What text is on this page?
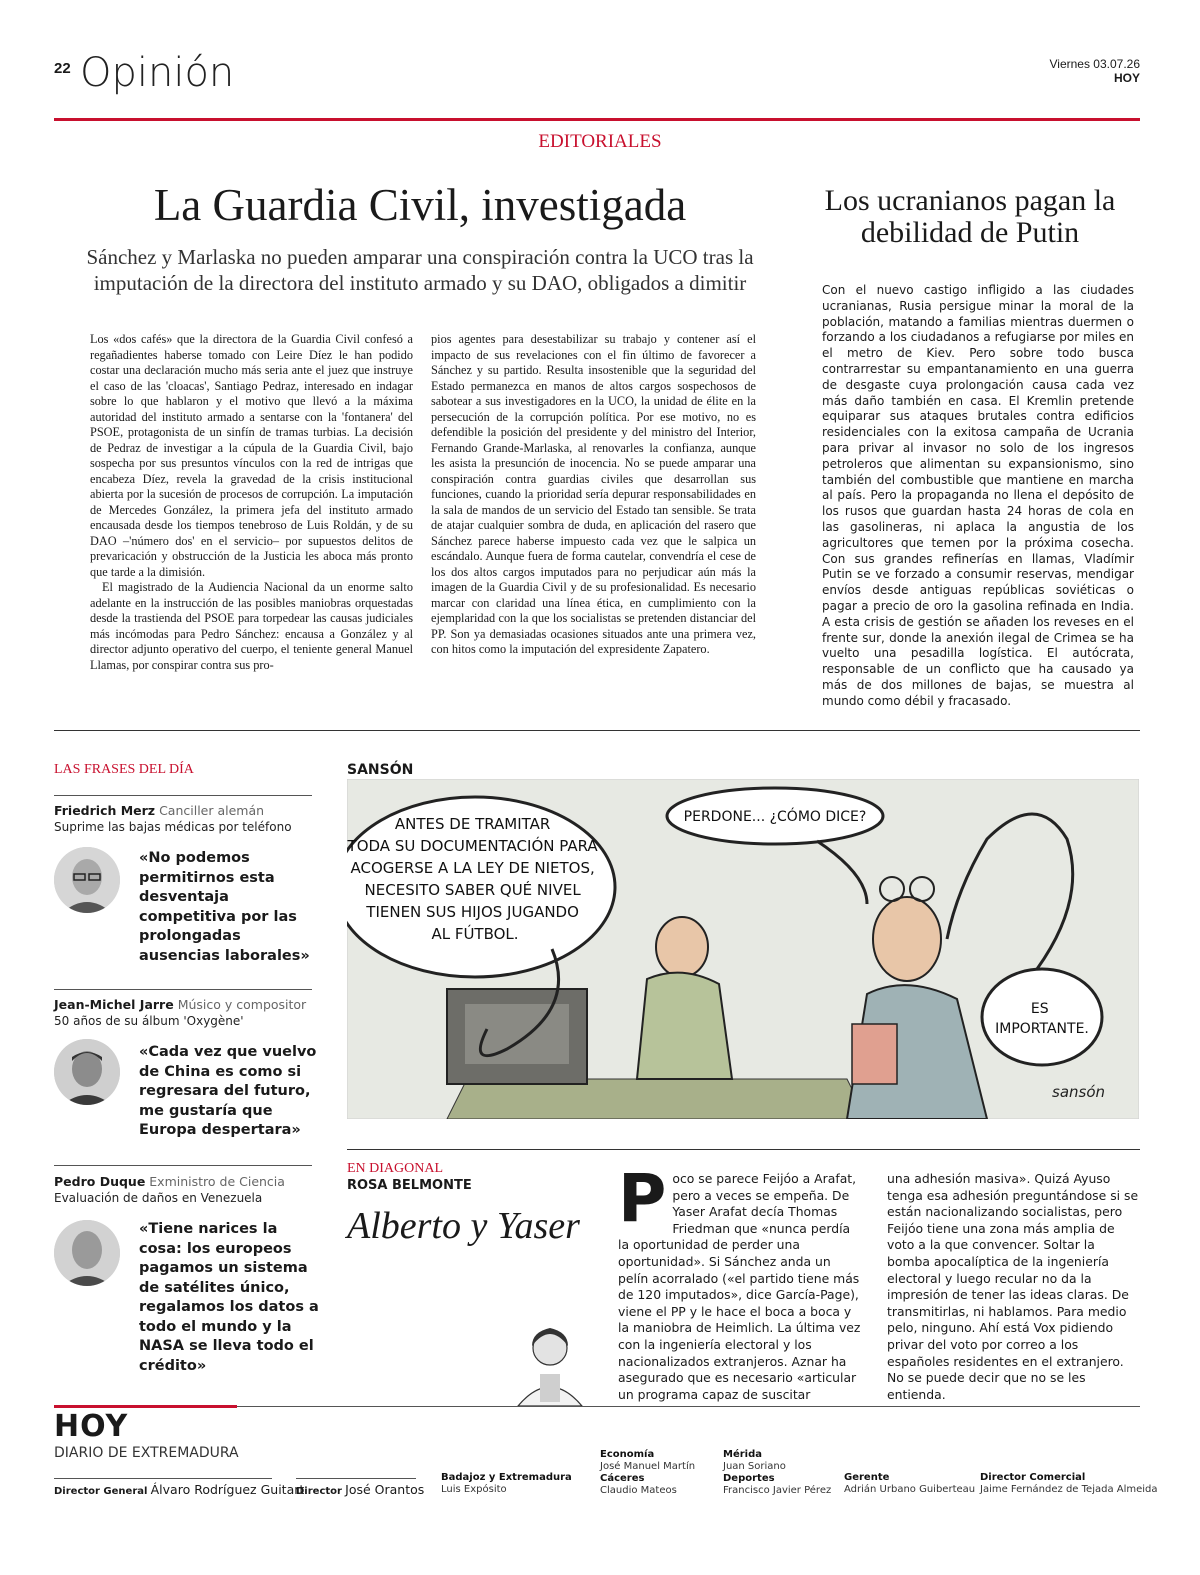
22 Opinión	Viernes 03.07.26
HOY
EDITORIALES
La Guardia Civil, investigada
Sánchez y Marlaska no pueden amparar una conspiración contra la UCO tras la imputación de la directora del instituto armado y su DAO, obligados a dimitir

Los «dos cafés» que la directora de la Guardia Civil confesó a regañadientes haberse tomado con Leire Díez le han podido costar una declaración mucho más seria ante el juez que instruye el caso de las 'cloacas', Santiago Pedraz, interesado en indagar sobre lo que hablaron y el motivo que llevó a la máxima autoridad del instituto armado a sentarse con la 'fontanera' del PSOE, protagonista de un sinfín de tramas turbias. La decisión de Pedraz de investigar a la cúpula de la Guardia Civil, bajo sospecha por sus presuntos vínculos con la red de intrigas que encabeza Díez, revela la gravedad de la crisis institucional abierta por la sucesión de procesos de corrupción. La imputación de Mercedes González, la primera jefa del instituto armado encausada desde los tiempos tenebroso de Luis Roldán, y de su DAO –'número dos' en el servicio– por supuestos delitos de prevaricación y obstrucción de la Justicia les aboca más pronto que tarde a la dimisión.

El magistrado de la Audiencia Nacional da un enorme salto adelante en la instrucción de las posibles maniobras orquestadas desde la trastienda del PSOE para torpedear las causas judiciales más incómodas para Pedro Sánchez: encausa a González y al director adjunto operativo del cuerpo, el teniente general Manuel Llamas, por conspirar contra sus pro-

pios agentes para desestabilizar su trabajo y contener así el impacto de sus revelaciones con el fin último de favorecer a Sánchez y su partido. Resulta insostenible que la seguridad del Estado permanezca en manos de altos cargos sospechosos de sabotear a sus investigadores en la UCO, la unidad de élite en la persecución de la corrupción política. Por ese motivo, no es defendible la posición del presidente y del ministro del Interior, Fernando Grande-Marlaska, al renovarles la confianza, aunque les asista la presunción de inocencia. No se puede amparar una conspiración contra guardias civiles que desarrollan sus funciones, cuando la prioridad sería depurar responsabilidades en la sala de mandos de un servicio del Estado tan sensible. Se trata de atajar cualquier sombra de duda, en aplicación del rasero que Sánchez parece haberse impuesto cada vez que le salpica un escándalo. Aunque fuera de forma cautelar, convendría el cese de los dos altos cargos imputados para no perjudicar aún más la imagen de la Guardia Civil y de su profesionalidad. Es necesario marcar con claridad una línea ética, en cumplimiento con la ejemplaridad con la que los socialistas se pretenden distanciar del PP. Son ya demasiadas ocasiones situados ante una primera vez, con hitos como la imputación del expresidente Zapatero.

Los ucranianos pagan la debilidad de Putin
Con el nuevo castigo infligido a las ciudades ucranianas, Rusia persigue minar la moral de la población, matando a familias mientras duermen o forzando a los ciudadanos a refugiarse por miles en el metro de Kiev. Pero sobre todo busca contrarrestar su empantanamiento en una guerra de desgaste cuya prolongación causa cada vez más daño también en casa. El Kremlin pretende equiparar sus ataques brutales contra edificios residenciales con la exitosa campaña de Ucrania para privar al invasor no solo de los ingresos petroleros que alimentan su expansionismo, sino también del combustible que mantiene en marcha al país. Pero la propaganda no llena el depósito de los rusos que guardan hasta 24 horas de cola en las gasolineras, ni aplaca la angustia de los agricultores que temen por la próxima cosecha. Con sus grandes refinerías en llamas, Vladímir Putin se ve forzado a consumir reservas, mendigar envíos desde antiguas repúblicas soviéticas o pagar a precio de oro la gasolina refinada en India. A esta crisis de gestión se añaden los reveses en el frente sur, donde la anexión ilegal de Crimea se ha vuelto una pesadilla logística. El autócrata, responsable de un conflicto que ha causado ya más de dos millones de bajas, se muestra al mundo como débil y fracasado.
LAS FRASES DEL DÍA
Friedrich Merz Canciller alemán
Suprime las bajas médicas por teléfono
«No podemos permitirnos esta desventaja competitiva por las prolongadas ausencias laborales»
Jean-Michel Jarre Músico y compositor
50 años de su álbum 'Oxygène'
«Cada vez que vuelvo de China es como si regresara del futuro, me gustaría que Europa despertara»
Pedro Duque Exministro de Ciencia
Evaluación de daños en Venezuela
«Tiene narices la cosa: los europeos pagamos un sistema de satélites único, regalamos los datos a todo el mundo y la NASA se lleva todo el crédito»
SANSÓN
ANTES DE TRAMITAR TODA SU DOCUMENTACIÓN PARA ACOGERSE A LA LEY DE NIETOS, NECESITO SABER QUÉ NIVEL TIENEN SUS HIJOS JUGANDO AL FÚTBOL.
PERDONE... ¿CÓMO DICE?
ES IMPORTANTE.
sansón
EN DIAGONAL
ROSA BELMONTE
Alberto y Yaser Poco se parece Feijóo a Arafat, pero a veces se empeña. De Yaser Arafat decía Thomas Friedman que «nunca perdía la oportunidad de perder una oportunidad». Si Sánchez anda un pelín acorralado («el partido tiene más de 120 imputados», dice García-Page), viene el PP y le hace el boca a boca y la maniobra de Heimlich. La última vez con la ingeniería electoral y los nacionalizados extranjeros. Aznar ha asegurado que es necesario «articular un programa capaz de suscitar
una adhesión masiva». Quizá Ayuso tenga esa adhesión preguntándose si se están nacionalizando socialistas, pero Feijóo tiene una zona más amplia de voto a la que convencer. Soltar la bomba apocalíptica de la ingeniería electoral y luego recular no da la impresión de tener las ideas claras. De transmitirlas, ni hablamos. Para medio pelo, ninguno. Ahí está Vox pidiendo privar del voto por correo a los españoles residentes en el extranjero. No se puede decir que no se les entienda.
HOY
DIARIO DE EXTREMADURA
Badajoz y Extremadura
Luis Expósito
Economía
José Manuel Martín
Cáceres
Claudio Mateos
Mérida
Juan Soriano
Deportes
Francisco Javier Pérez
Gerente
Adrián Urbano Guiberteau
Director Comercial
Jaime Fernández de Tejada Almeida
Director General Álvaro Rodríguez Guitart
Director José Orantos
